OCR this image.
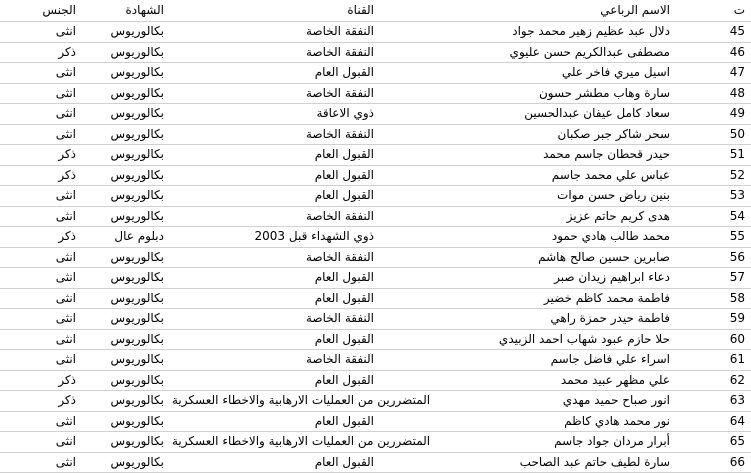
الجنس	الشهادة	القناة	الاسم الرباعي	ت
انثى	بكالوريوس	النفقة الخاصة	دلال عبد عظيم زهير محمد جواد	45
ذكر	بكالوريوس	النفقة الخاصة	مصطفى عبدالكريم حسن عليوي	46
انثى	بكالوريوس	القبول العام	اسيل ميري فاخر علي	47
انثى	بكالوريوس	النفقة الخاصة	سارة وهاب مطشر حسون	48
انثى	بكالوريوس	ذوي الاعاقة	سعاد كامل عيفان عبدالحسين	49
انثى	بكالوريوس	النفقة الخاصة	سحر شاكر جبر صكبان	50
ذكر	بكالوريوس	القبول العام	حيدر قحطان جاسم محمد	51
ذكر	بكالوريوس	القبول العام	عباس علي محمد جاسم	52
انثى	بكالوريوس	القبول العام	بنين رياض حسن موات	53
انثى	بكالوريوس	النفقة الخاصة	هدى كريم حاتم عزيز	54
ذكر	دبلوم عال	ذوي الشهداء قبل 2003	محمد طالب هادي حمود	55
انثى	بكالوريوس	النفقة الخاصة	صابرين حسين صالح هاشم	56
انثى	بكالوريوس	القبول العام	دعاء ابراهيم زيدان صبر	57
انثى	بكالوريوس	القبول العام	فاطمة محمد كاظم خضير	58
انثى	بكالوريوس	النفقة الخاصة	فاطمة حيدر حمزة راهي	59
انثى	بكالوريوس	القبول العام	حلا حازم عبود شهاب احمد الزبيدي	60
انثى	بكالوريوس	النفقة الخاصة	اسراء علي فاضل جاسم	61
ذكر	بكالوريوس	القبول العام	علي مظهر عبيد محمد	62
ذكر	بكالوريوس	المتضررين من العمليات الارهابية والاخطاء العسكرية	انور صباح حميد مهدي	63
انثى	بكالوريوس	القبول العام	نور محمد هادي كاظم	64
انثى	بكالوريوس	المتضررين من العمليات الارهابية والاخطاء العسكرية	أبرار مردان جواد جاسم	65
انثى	بكالوريوس	القبول العام	سارة لطيف حاتم عبد الصاحب	66
